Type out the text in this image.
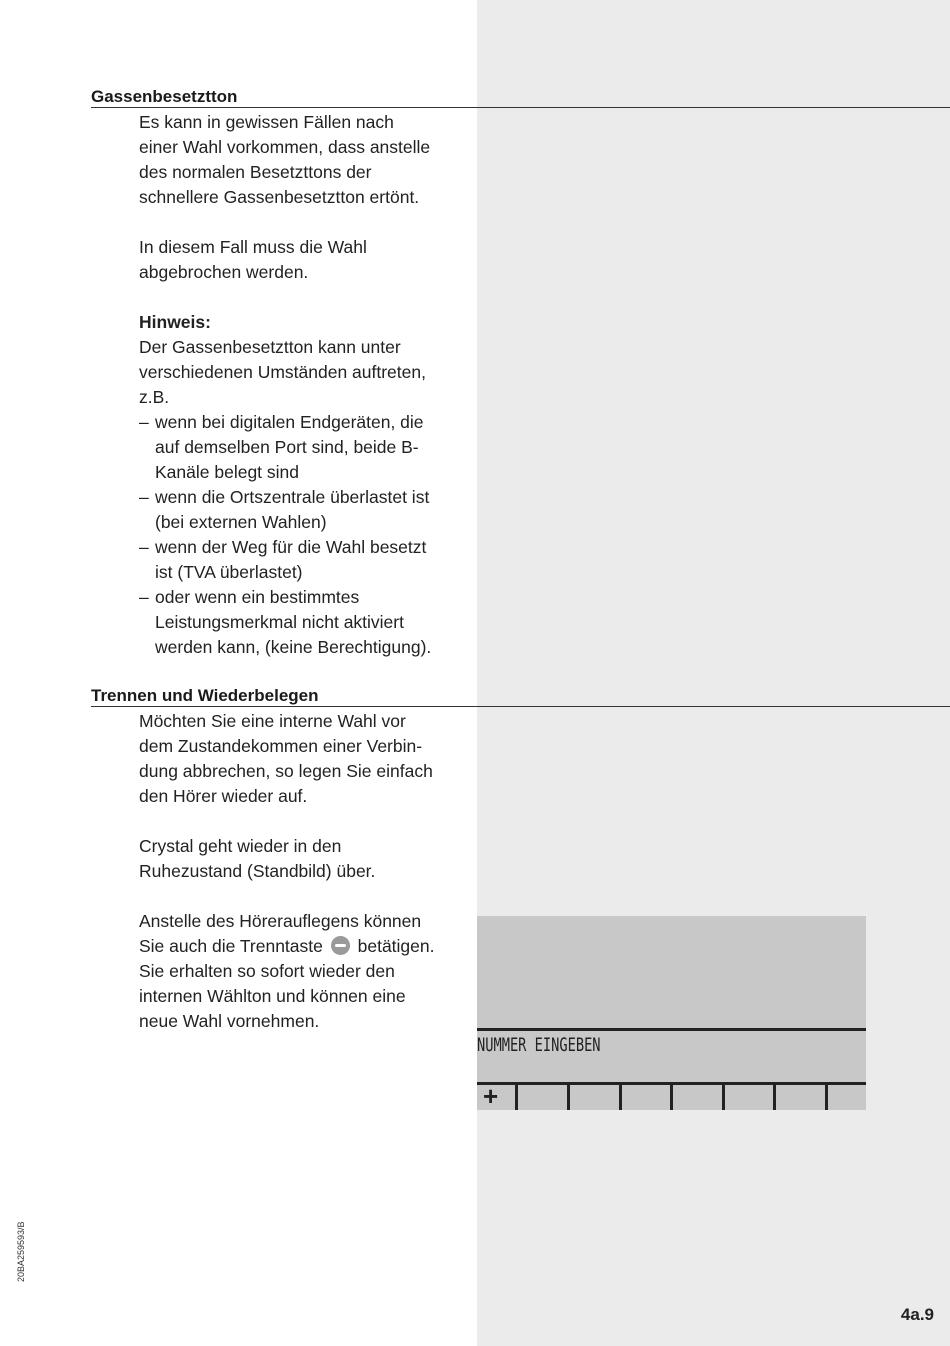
Gassenbesetztton

Es kann in gewissen Fällen nach

einer Wahl vorkommen, dass anstelle

des normalen Besetzttons der

schnellere Gassenbesetztton ertönt.

In diesem Fall muss die Wahl

abgebrochen werden.

Hinweis:

Der Gassenbesetztton kann unter

verschiedenen Umständen auftreten,

z.B.

– wenn bei digitalen Endgeräten, die
auf demselben Port sind, beide B-
Kanäle belegt sind
– wenn die Ortszentrale überlastet ist
(bei externen Wahlen)
– wenn der Weg für die Wahl besetzt
ist (TVA überlastet)
– oder wenn ein bestimmtes
Leistungsmerkmal nicht aktiviert
werden kann, (keine Berechtigung).
Trennen und Wiederbelegen

Möchten Sie eine interne Wahl vor

dem Zustandekommen einer Verbin-

dung abbrechen, so legen Sie einfach

den Hörer wieder auf.

Crystal geht wieder in den

Ruhezustand (Standbild) über.

Anstelle des Hörerauflegens können

Sie auch die Trenntaste betätigen.

Sie erhalten so sofort wieder den

internen Wählton und können eine

neue Wahl vornehmen.

NUMMER EINGEBEN
+
20BA259593/B
4a.9
